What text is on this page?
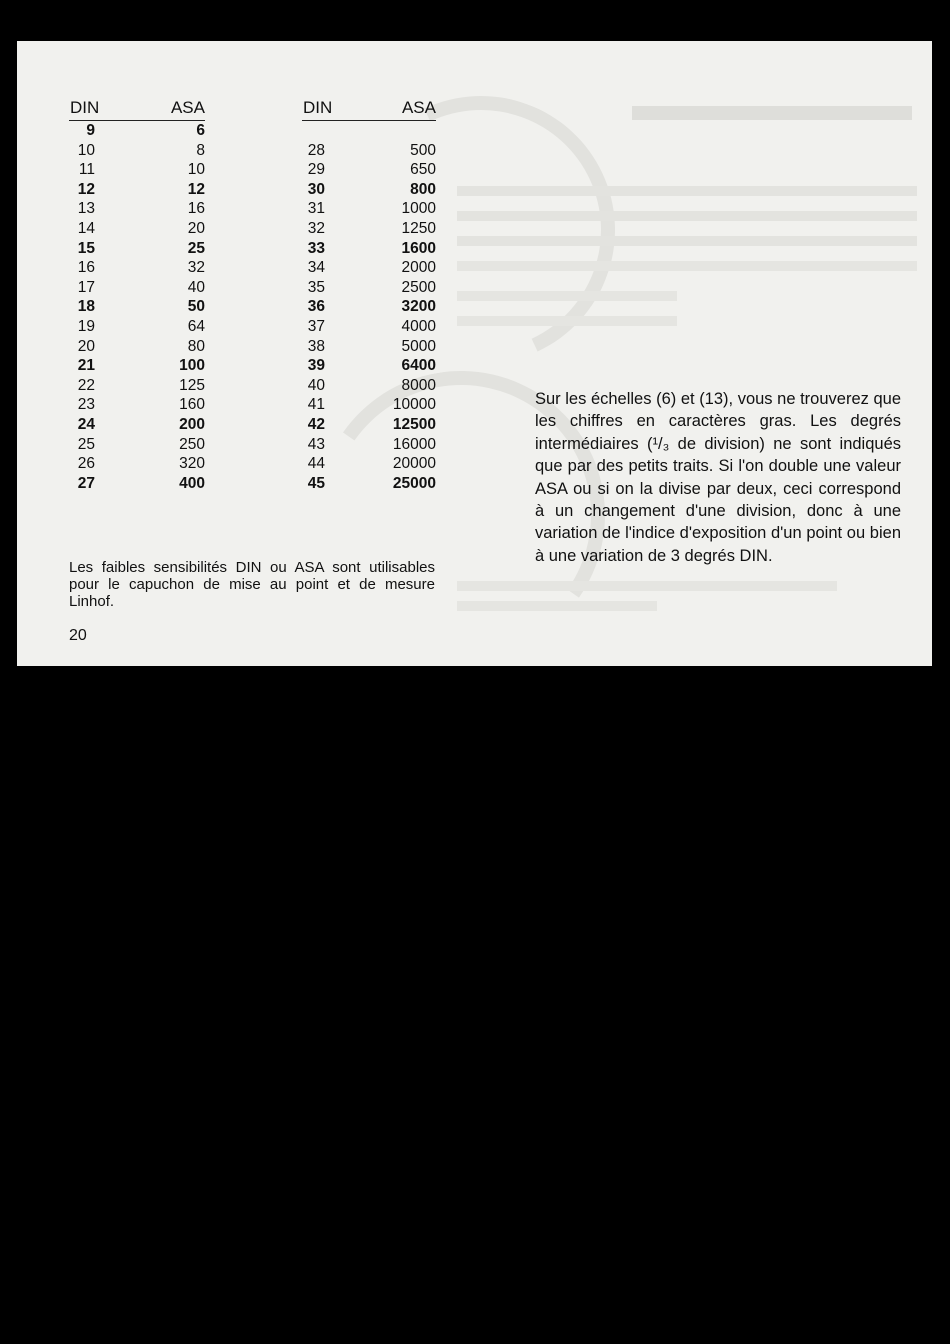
DIN	ASA
9	6
10	8
11	10
12	12
13	16
14	20
15	25
16	32
17	40
18	50
19	64
20	80
21	100
22	125
23	160
24	200
25	250
26	320
27	400
DIN	ASA
28	500
29	650
30	800
31	1000
32	1250
33	1600
34	2000
35	2500
36	3200
37	4000
38	5000
39	6400
40	8000
41	10000
42	12500
43	16000
44	20000
45	25000

Les faibles sensibilités DIN ou ASA sont utilisables pour le capuchon de mise au point et de mesure Linhof.

20

Sur les échelles (6) et (13), vous ne trouverez que les chiffres en caractères gras. Les degrés intermédiaires (¹/₃ de division) ne sont indiqués que par des petits traits. Si l'on double une valeur ASA ou si on la divise par deux, ceci correspond à un changement d'une division, donc à une variation de l'indice d'exposition d'un point ou bien à une variation de 3 degrés DIN.
